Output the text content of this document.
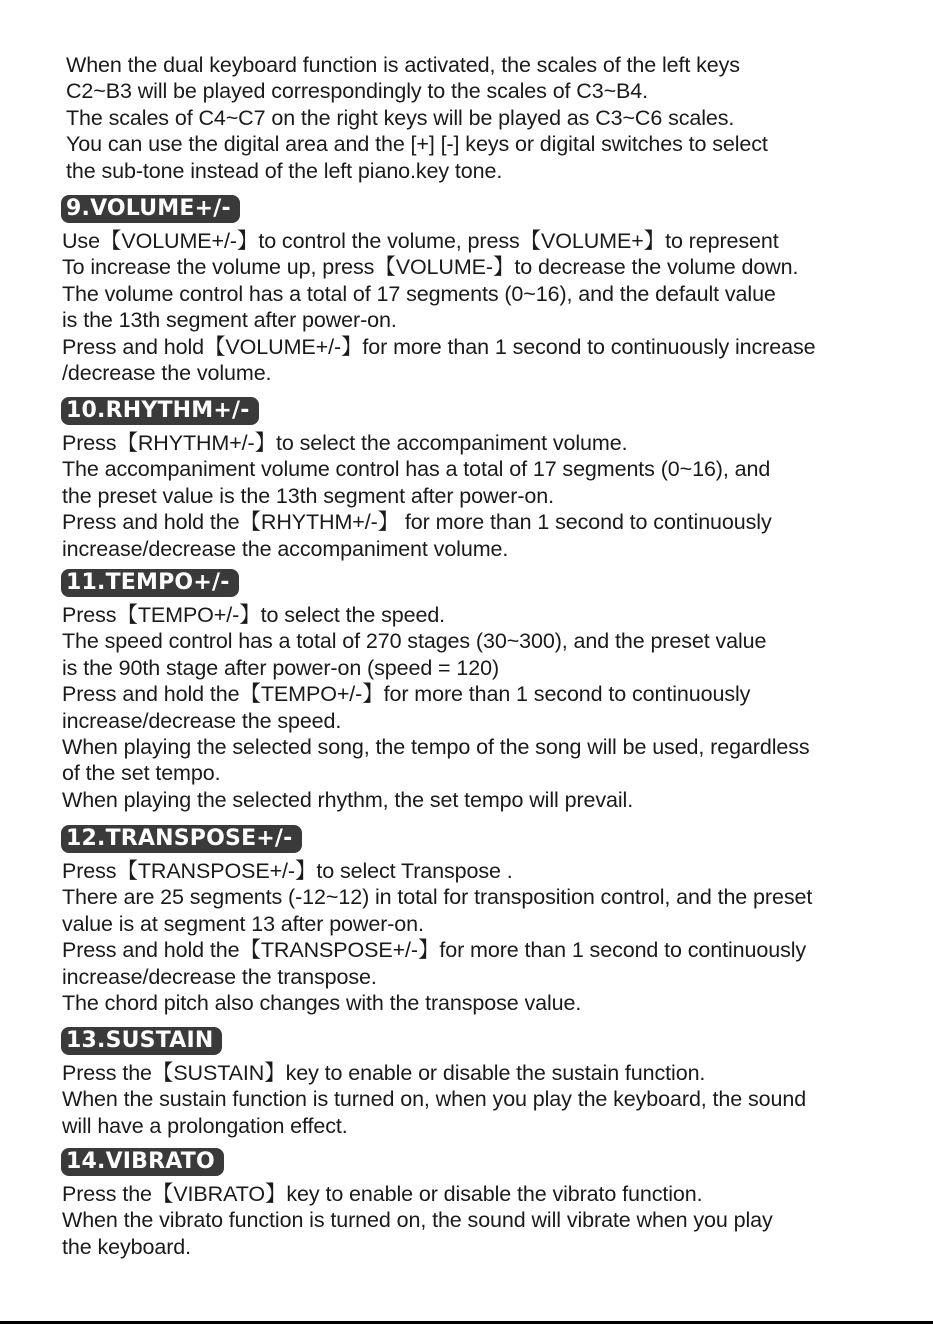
When the dual keyboard function is activated, the scales of the left keys
C2~B3 will be played correspondingly to the scales of C3~B4.
The scales of C4~C7 on the right keys will be played as C3~C6 scales.
You can use the digital area and the [+] [-] keys or digital switches to select
the sub-tone instead of the left piano.key tone.
9.VOLUME+/-
Use【VOLUME+/-】to control the volume, press【VOLUME+】to represent
To increase the volume up, press【VOLUME-】to decrease the volume down.
The volume control has a total of 17 segments (0~16), and the default value
is the 13th segment after power-on.
Press and hold【VOLUME+/-】for more than 1 second to continuously increase
/decrease the volume.
10.RHYTHM+/-
Press【RHYTHM+/-】to select the accompaniment volume.
The accompaniment volume control has a total of 17 segments (0~16), and
the preset value is the 13th segment after power-on.
Press and hold the【RHYTHM+/-】 for more than 1 second to continuously
increase/decrease the accompaniment volume.
11.TEMPO+/-
Press【TEMPO+/-】to select the speed.
The speed control has a total of 270 stages (30~300), and the preset value
is the 90th stage after power-on (speed = 120)
Press and hold the【TEMPO+/-】for more than 1 second to continuously
increase/decrease the speed.
When playing the selected song, the tempo of the song will be used, regardless
of the set tempo.
When playing the selected rhythm, the set tempo will prevail.
12.TRANSPOSE+/-
Press【TRANSPOSE+/-】to select Transpose .
There are 25 segments (-12~12) in total for transposition control, and the preset
value is at segment 13 after power-on.
Press and hold the【TRANSPOSE+/-】for more than 1 second to continuously
increase/decrease the transpose.
The chord pitch also changes with the transpose value.
13.SUSTAIN
Press the【SUSTAIN】key to enable or disable the sustain function.
When the sustain function is turned on, when you play the keyboard, the sound
will have a prolongation effect.
14.VIBRATO
Press the【VIBRATO】key to enable or disable the vibrato function.
When the vibrato function is turned on, the sound will vibrate when you play
the keyboard.
